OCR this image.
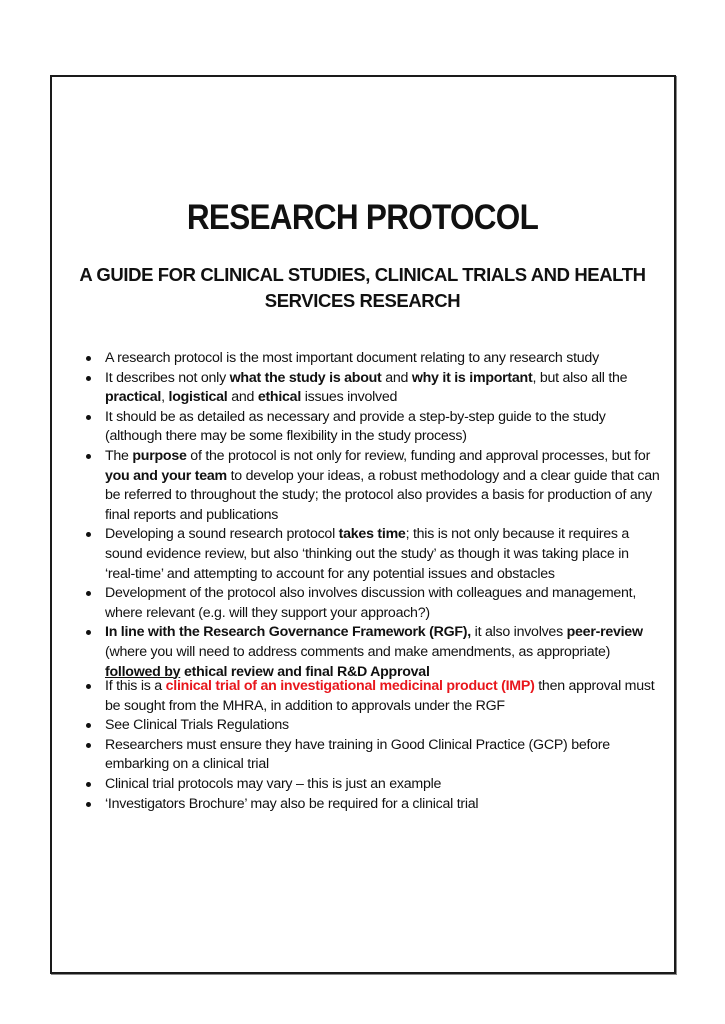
RESEARCH PROTOCOL
A GUIDE FOR CLINICAL STUDIES, CLINICAL TRIALS AND HEALTH SERVICES RESEARCH
A research protocol is the most important document relating to any research study
It describes not only what the study is about and why it is important, but also all the practical, logistical and ethical issues involved
It should be as detailed as necessary and provide a step-by-step guide to the study (although there may be some flexibility in the study process)
The purpose of the protocol is not only for review, funding and approval processes, but for you and your team to develop your ideas, a robust methodology and a clear guide that can be referred to throughout the study; the protocol also provides a basis for production of any final reports and publications
Developing a sound research protocol takes time; this is not only because it requires a sound evidence review, but also ‘thinking out the study’ as though it was taking place in ‘real-time’ and attempting to account for any potential issues and obstacles
Development of the protocol also involves discussion with colleagues and management, where relevant (e.g. will they support your approach?)
In line with the Research Governance Framework (RGF), it also involves peer-review (where you will need to address comments and make amendments, as appropriate) followed by ethical review and final R&D Approval
If this is a clinical trial of an investigational medicinal product (IMP) then approval must be sought from the MHRA, in addition to approvals under the RGF
See Clinical Trials Regulations
Researchers must ensure they have training in Good Clinical Practice (GCP) before embarking on a clinical trial
Clinical trial protocols may vary – this is just an example
‘Investigators Brochure’ may also be required for a clinical trial
